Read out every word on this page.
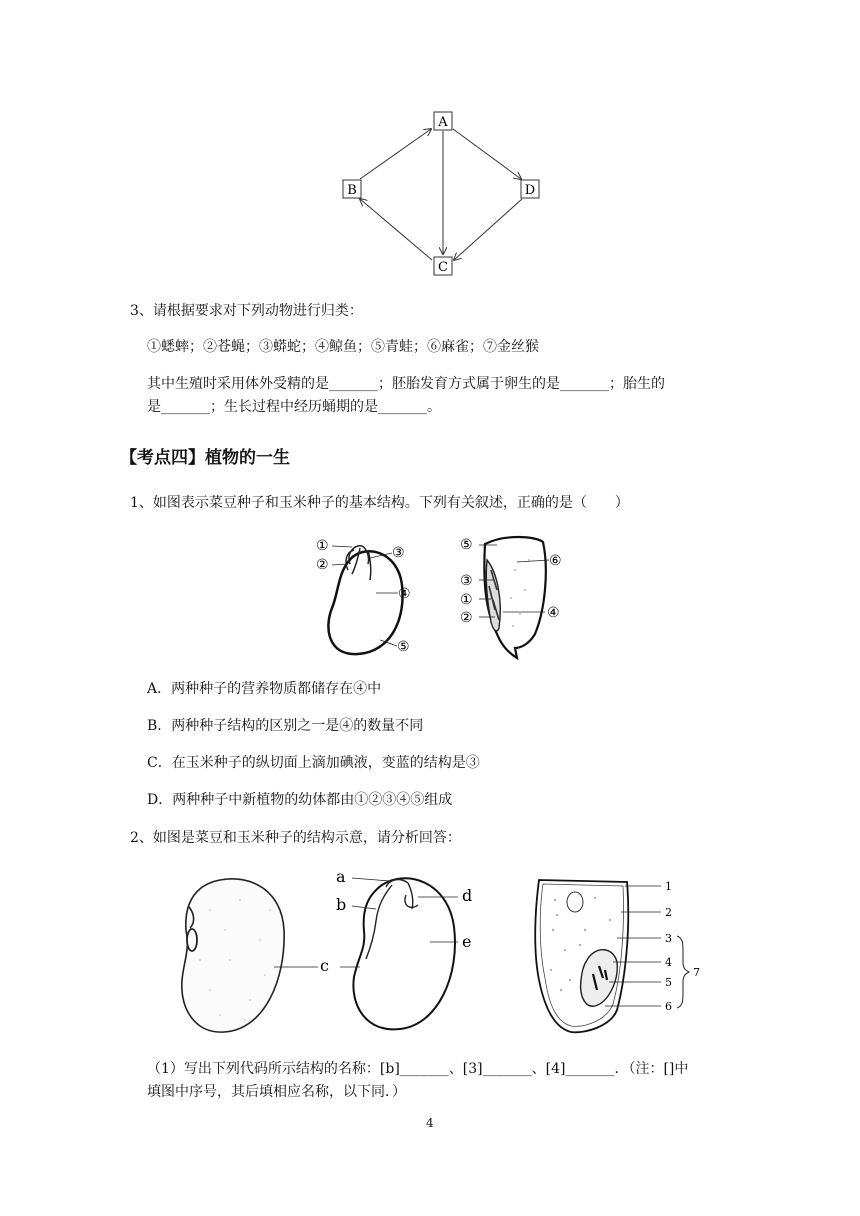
A
B	D
C
3、请根据要求对下列动物进行归类：
①蟋蟀；②苍蝇；③蟒蛇；④鲸鱼；⑤青蛙；⑥麻雀；⑦金丝猴
其中生殖时采用体外受精的是_______；胚胎发育方式属于卵生的是_______；胎生的
是_______；生长过程中经历蛹期的是_______。
【考点四】植物的一生
1、如图表示菜豆种子和玉米种子的基本结构。下列有关叙述，正确的是（　　）
①
②
③
④
⑤
⑤
⑥
③
①
②	④
A．两种种子的营养物质都储存在④中
B．两种种子结构的区别之一是④的数量不同
C．在玉米种子的纵切面上滴加碘液，变蓝的结构是③
D．两种种子中新植物的幼体都由①②③④⑤组成
2、如图是菜豆和玉米种子的结构示意，请分析回答：
c
a
b	d
e
1
2
3
4
5
6
7
（1）写出下列代码所示结构的名称：[b]_______、[3]_______、[4]_______．（注：[]中
填图中序号，其后填相应名称，以下同．）
4
